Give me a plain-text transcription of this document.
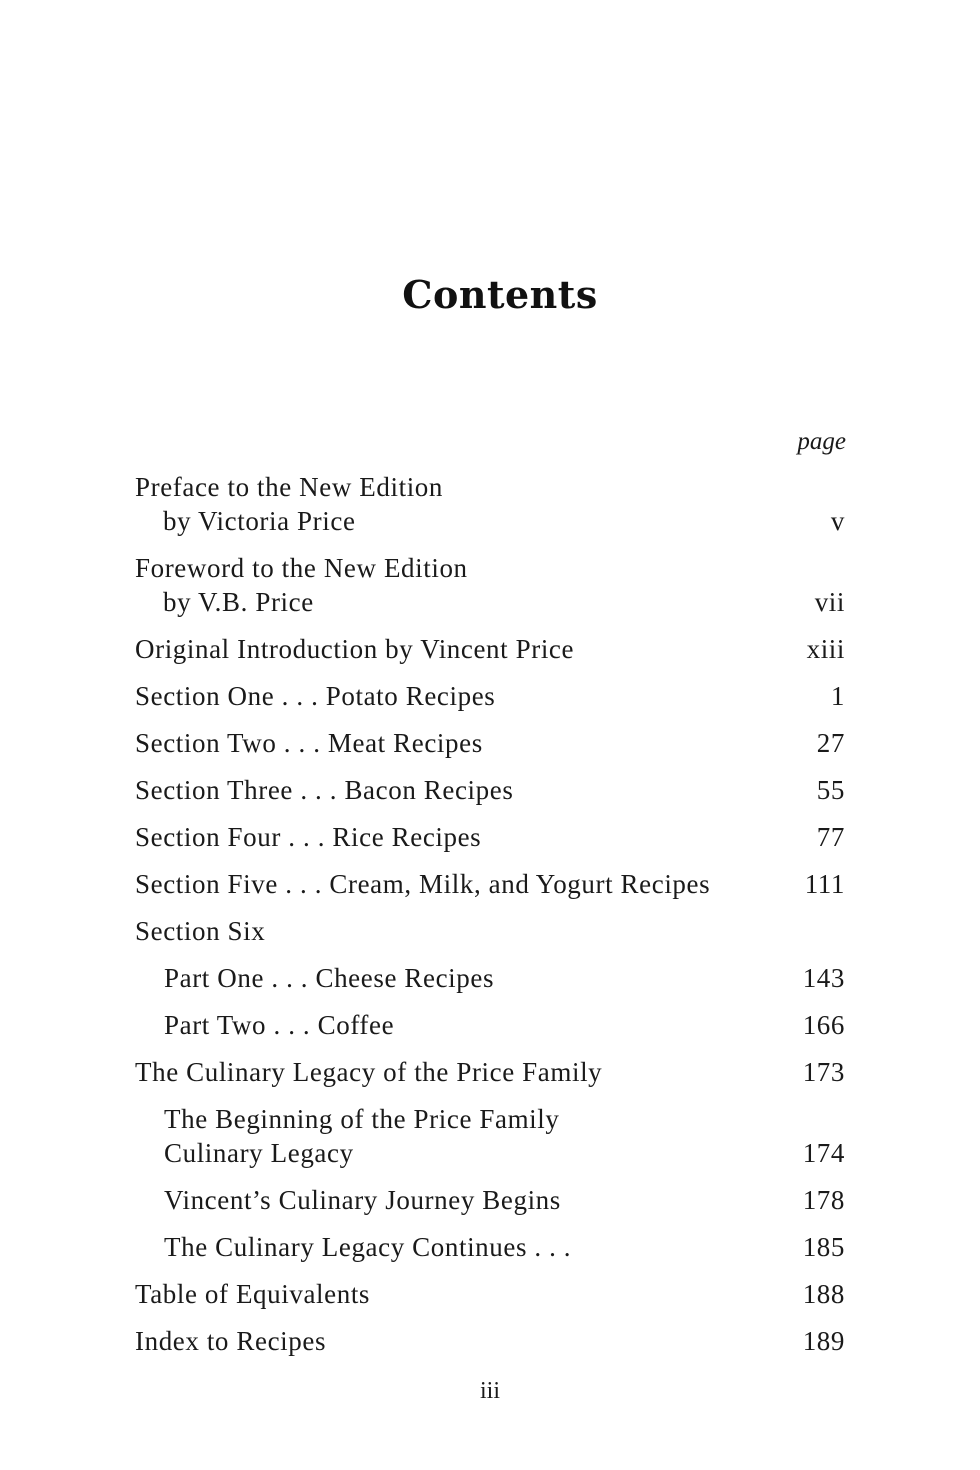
Contents
page
Preface to the New Edition
by Victoria Price	v
Foreword to the New Edition
by V.B. Price	vii
Original Introduction by Vincent Price	xiii
Section One . . . Potato Recipes	1
Section Two . . . Meat Recipes	27
Section Three . . . Bacon Recipes	55
Section Four . . . Rice Recipes	77
Section Five . . . Cream, Milk, and Yogurt Recipes	111
Section Six
Part One . . . Cheese Recipes	143
Part Two . . . Coffee	166
The Culinary Legacy of the Price Family	173
The Beginning of the Price Family
Culinary Legacy	174
Vincent’s Culinary Journey Begins	178
The Culinary Legacy Continues . . .	185
Table of Equivalents	188
Index to Recipes	189
iii
